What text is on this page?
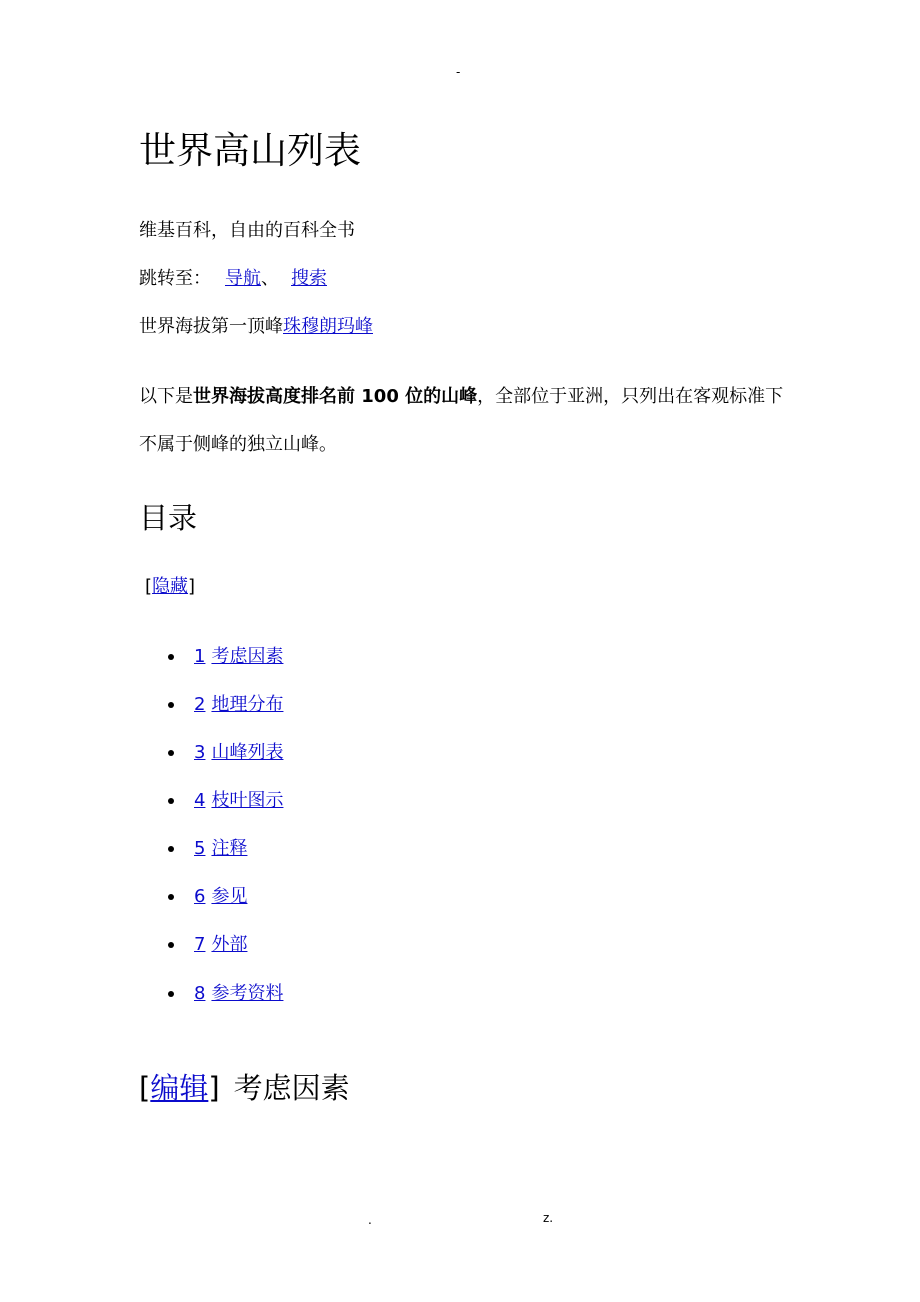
-
世界高山列表
维基百科，自由的百科全书
跳转至： 导航、 搜索
世界海拔第一顶峰珠穆朗玛峰
以下是世界海拔高度排名前 100 位的山峰，全部位于亚洲，只列出在客观标准下
不属于侧峰的独立山峰。
目录
[隐藏]
1 考虑因素
2 地理分布
3 山峰列表
4 枝叶图示
5 注释
6 参见
7 外部
8 参考资料
[编辑] 考虑因素
.	z.
